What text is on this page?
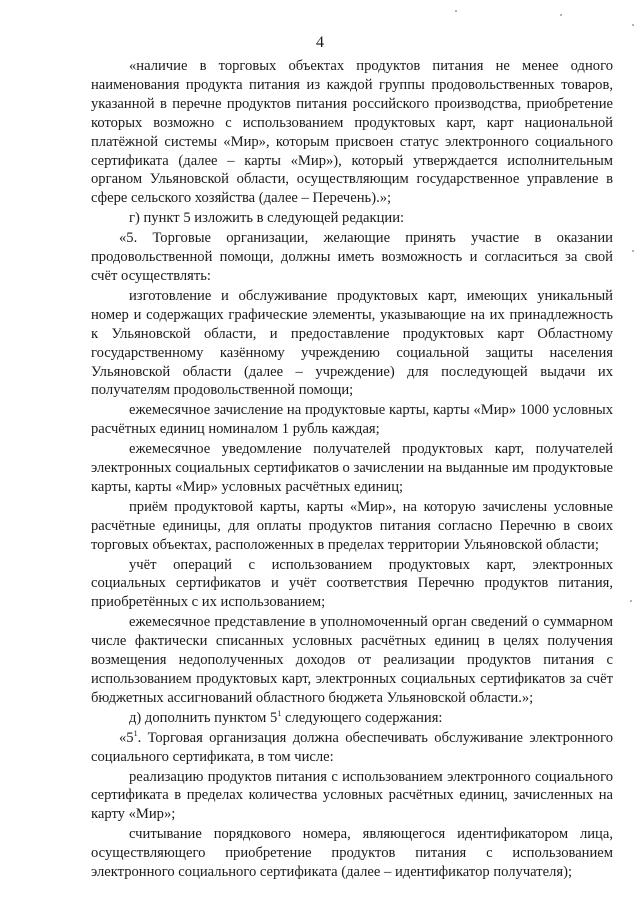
4

«наличие в торговых объектах продуктов питания не менее одного наименования продукта питания из каждой группы продовольственных товаров, указанной в перечне продуктов питания российского производства, приобретение которых возможно с использованием продуктовых карт, карт национальной платёжной системы «Мир», которым присвоен статус электронного социального сертификата (далее – карты «Мир»), который утверждается исполнительным органом Ульяновской области, осуществляющим государственное управление в сфере сельского хозяйства (далее – Перечень).»;

г) пункт 5 изложить в следующей редакции:

«5. Торговые организации, желающие принять участие в оказании продовольственной помощи, должны иметь возможность и согласиться за свой счёт осуществлять:

изготовление и обслуживание продуктовых карт, имеющих уникальный номер и содержащих графические элементы, указывающие на их принадлежность к Ульяновской области, и предоставление продуктовых карт Областному государственному казённому учреждению социальной защиты населения Ульяновской области (далее – учреждение) для последующей выдачи их получателям продовольственной помощи;

ежемесячное зачисление на продуктовые карты, карты «Мир» 1000 условных расчётных единиц номиналом 1 рубль каждая;

ежемесячное уведомление получателей продуктовых карт, получателей электронных социальных сертификатов о зачислении на выданные им продуктовые карты, карты «Мир» условных расчётных единиц;

приём продуктовой карты, карты «Мир», на которую зачислены условные расчётные единицы, для оплаты продуктов питания согласно Перечню в своих торговых объектах, расположенных в пределах территории Ульяновской области;

учёт операций с использованием продуктовых карт, электронных социальных сертификатов и учёт соответствия Перечню продуктов питания, приобретённых с их использованием;

ежемесячное представление в уполномоченный орган сведений о суммарном числе фактически списанных условных расчётных единиц в целях получения возмещения недополученных доходов от реализации продуктов питания с использованием продуктовых карт, электронных социальных сертификатов за счёт бюджетных ассигнований областного бюджета Ульяновской области.»;

д) дополнить пунктом $5^1$ следующего содержания:

«$5^1$. Торговая организация должна обеспечивать обслуживание электронного социального сертификата, в том числе:

реализацию продуктов питания с использованием электронного социального сертификата в пределах количества условных расчётных единиц, зачисленных на карту «Мир»;

считывание порядкового номера, являющегося идентификатором лица, осуществляющего приобретение продуктов питания с использованием электронного социального сертификата (далее – идентификатор получателя);
